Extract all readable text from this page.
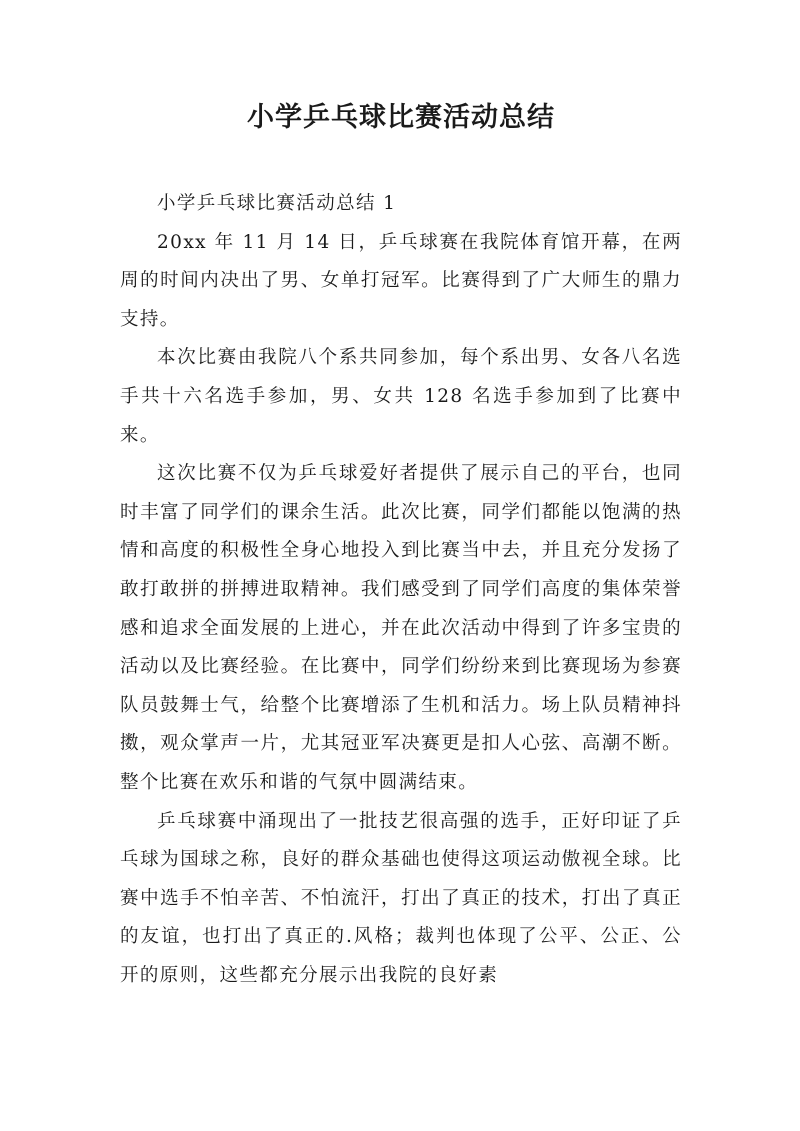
小学乒乓球比赛活动总结

小学乒乓球比赛活动总结 1

20xx 年 11 月 14 日，乒乓球赛在我院体育馆开幕，在两周的时间内决出了男、女单打冠军。比赛得到了广大师生的鼎力支持。

本次比赛由我院八个系共同参加，每个系出男、女各八名选手共十六名选手参加，男、女共 128 名选手参加到了比赛中来。

这次比赛不仅为乒乓球爱好者提供了展示自己的平台，也同时丰富了同学们的课余生活。此次比赛，同学们都能以饱满的热情和高度的积极性全身心地投入到比赛当中去，并且充分发扬了敢打敢拼的拼搏进取精神。我们感受到了同学们高度的集体荣誉感和追求全面发展的上进心，并在此次活动中得到了许多宝贵的活动以及比赛经验。在比赛中，同学们纷纷来到比赛现场为参赛队员鼓舞士气，给整个比赛增添了生机和活力。场上队员精神抖擞，观众掌声一片，尤其冠亚军决赛更是扣人心弦、高潮不断。整个比赛在欢乐和谐的气氛中圆满结束。

乒乓球赛中涌现出了一批技艺很高强的选手，正好印证了乒乓球为国球之称，良好的群众基础也使得这项运动傲视全球。比赛中选手不怕辛苦、不怕流汗，打出了真正的技术，打出了真正的友谊，也打出了真正的.风格；裁判也体现了公平、公正、公开的原则，这些都充分展示出我院的良好素
